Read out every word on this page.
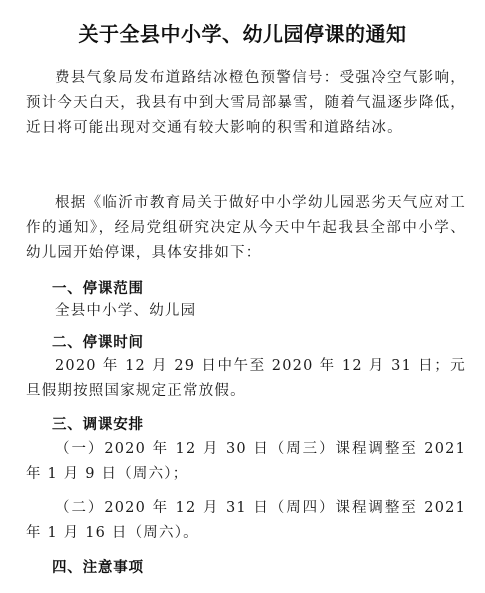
关于全县中小学、幼儿园停课的通知

费县气象局发布道路结冰橙色预警信号：受强冷空气影响，预计今天白天，我县有中到大雪局部暴雪，随着气温逐步降低，近日将可能出现对交通有较大影响的积雪和道路结冰。

根据《临沂市教育局关于做好中小学幼儿园恶劣天气应对工作的通知》，经局党组研究决定从今天中午起我县全部中小学、幼儿园开始停课，具体安排如下：

一、停课范围

全县中小学、幼儿园

二、停课时间

2020 年 12 月 29 日中午至 2020 年 12 月 31 日；元旦假期按照国家规定正常放假。

三、调课安排

（一）2020 年 12 月 30 日（周三）课程调整至 2021 年 1 月 9 日（周六）；

（二）2020 年 12 月 31 日（周四）课程调整至 2021 年 1 月 16 日（周六）。

四、注意事项
